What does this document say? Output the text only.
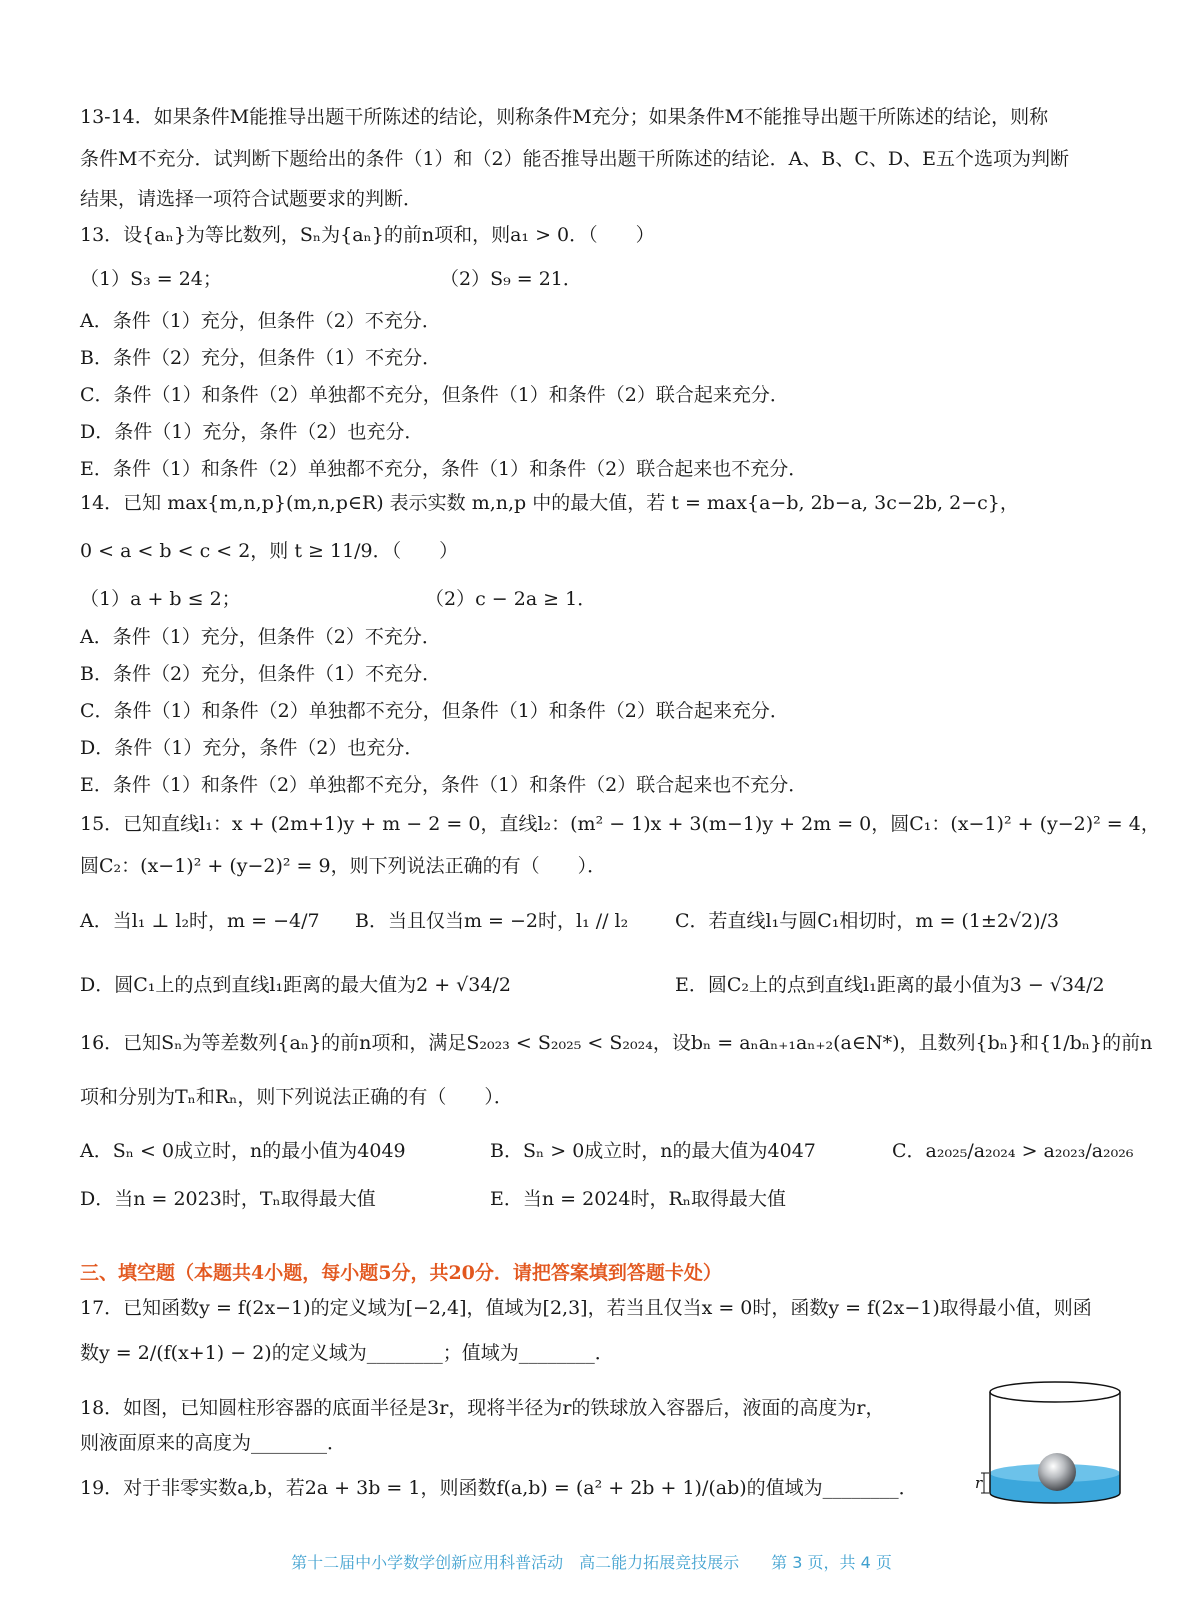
13-14．如果条件M能推导出题干所陈述的结论，则称条件M充分；如果条件M不能推导出题干所陈述的结论，则称
条件M不充分．试判断下题给出的条件（1）和（2）能否推导出题干所陈述的结论．A、B、C、D、E五个选项为判断
结果，请选择一项符合试题要求的判断．
13．设{aₙ}为等比数列，Sₙ为{aₙ}的前n项和，则a₁ > 0．（　　）
（1）S₃ = 24；	（2）S₉ = 21．
A．条件（1）充分，但条件（2）不充分．
B．条件（2）充分，但条件（1）不充分．
C．条件（1）和条件（2）单独都不充分，但条件（1）和条件（2）联合起来充分．
D．条件（1）充分，条件（2）也充分．
E．条件（1）和条件（2）单独都不充分，条件（1）和条件（2）联合起来也不充分．
14．已知 max{m,n,p}(m,n,p∈R) 表示实数 m,n,p 中的最大值，若 t = max{a−b, 2b−a, 3c−2b, 2−c}，
0 < a < b < c < 2，则 t ≥ 11/9．（　　）
（1）a + b ≤ 2；	（2）c − 2a ≥ 1．
A．条件（1）充分，但条件（2）不充分．
B．条件（2）充分，但条件（1）不充分．
C．条件（1）和条件（2）单独都不充分，但条件（1）和条件（2）联合起来充分．
D．条件（1）充分，条件（2）也充分．
E．条件（1）和条件（2）单独都不充分，条件（1）和条件（2）联合起来也不充分．
15．已知直线l₁：x + (2m+1)y + m − 2 = 0，直线l₂：(m² − 1)x + 3(m−1)y + 2m = 0，圆C₁：(x−1)² + (y−2)² = 4，
圆C₂：(x−1)² + (y−2)² = 9，则下列说法正确的有（　　）．
A．当l₁ ⊥ l₂时，m = −4/7 B．当且仅当m = −2时，l₁ // l₂ C．若直线l₁与圆C₁相切时，m = (1±2√2)/3
D．圆C₁上的点到直线l₁距离的最大值为2 + √34/2	E．圆C₂上的点到直线l₁距离的最小值为3 − √34/2
16．已知Sₙ为等差数列{aₙ}的前n项和，满足S₂₀₂₃ < S₂₀₂₅ < S₂₀₂₄，设bₙ = aₙaₙ₊₁aₙ₊₂(a∈N*)，且数列{bₙ}和{1/bₙ}的前n
项和分别为Tₙ和Rₙ，则下列说法正确的有（　　）．
A．Sₙ < 0成立时，n的最小值为4049	B．Sₙ > 0成立时，n的最大值为4047	C．a₂₀₂₅/a₂₀₂₄ > a₂₀₂₃/a₂₀₂₆
D．当n = 2023时，Tₙ取得最大值	E．当n = 2024时，Rₙ取得最大值
三、填空题（本题共4小题，每小题5分，共20分．请把答案填到答题卡处）
17．已知函数y = f(2x−1)的定义域为[−2,4]，值域为[2,3]，若当且仅当x = 0时，函数y = f(2x−1)取得最小值，则函
数y = 2/(f(x+1) − 2)的定义域为________；值域为________．
18．如图，已知圆柱形容器的底面半径是3r，现将半径为r的铁球放入容器后，液面的高度为r，
则液面原来的高度为________．
r
19．对于非零实数a,b，若2a + 3b = 1，则函数f(a,b) = (a² + 2b + 1)/(ab)的值域为________．
第十二届中小学数学创新应用科普活动　高二能力拓展竞技展示　　第 3 页，共 4 页
